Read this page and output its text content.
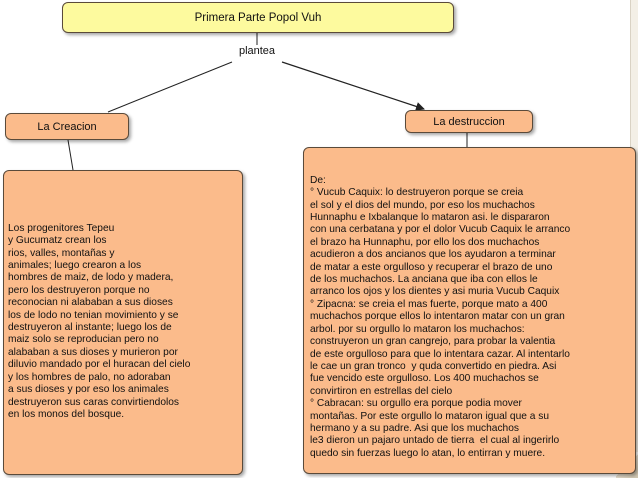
Primera Parte Popol Vuh
plantea
La Creacion	La destruccion

Los progenitores Tepeu
y Gucumatz crean los
rios, valles, montañas y
animales; luego crearon a los
hombres de maiz, de lodo y madera,
pero los destruyeron porque no
reconocian ni alababan a sus dioses
los de lodo no tenian movimiento y se
destruyeron al instante; luego los de
maiz solo se reproducian pero no
alababan a sus dioses y murieron por
diluvio mandado por el huracan del cielo
y los hombres de palo, no adoraban
a sus dioses y por eso los animales
destruyeron sus caras convirtiendolos
en los monos del bosque.

De:
° Vucub Caquix: lo destruyeron porque se creia
el sol y el dios del mundo, por eso los muchachos
Hunnaphu e Ixbalanque lo mataron asi. le dispararon
con una cerbatana y por el dolor Vucub Caquix le arranco
el brazo ha Hunnaphu, por ello los dos muchachos
acudieron a dos ancianos que los ayudaron a terminar
de matar a este orgulloso y recuperar el brazo de uno
de los muchachos. La anciana que iba con ellos le
arranco los ojos y los dientes y asi muria Vucub Caquix
° Zipacna: se creia el mas fuerte, porque mato a 400
muchachos porque ellos lo intentaron matar con un gran
arbol. por su orgullo lo mataron los muchachos:
construyeron un gran cangrejo, para probar la valentia
de este orgulloso para que lo intentara cazar. Al intentarlo
le cae un gran tronco  y quda convertido en piedra. Asi
fue vencido este orgulloso. Los 400 muchachos se
convirtiron en estrellas del cielo
° Cabracan: su orgullo era porque podia mover
montañas. Por este orgullo lo mataron igual que a su
hermano y a su padre. Asi que los muchachos
le3 dieron un pajaro untado de tierra  el cual al ingerirlo
quedo sin fuerzas luego lo atan, lo entirran y muere.
